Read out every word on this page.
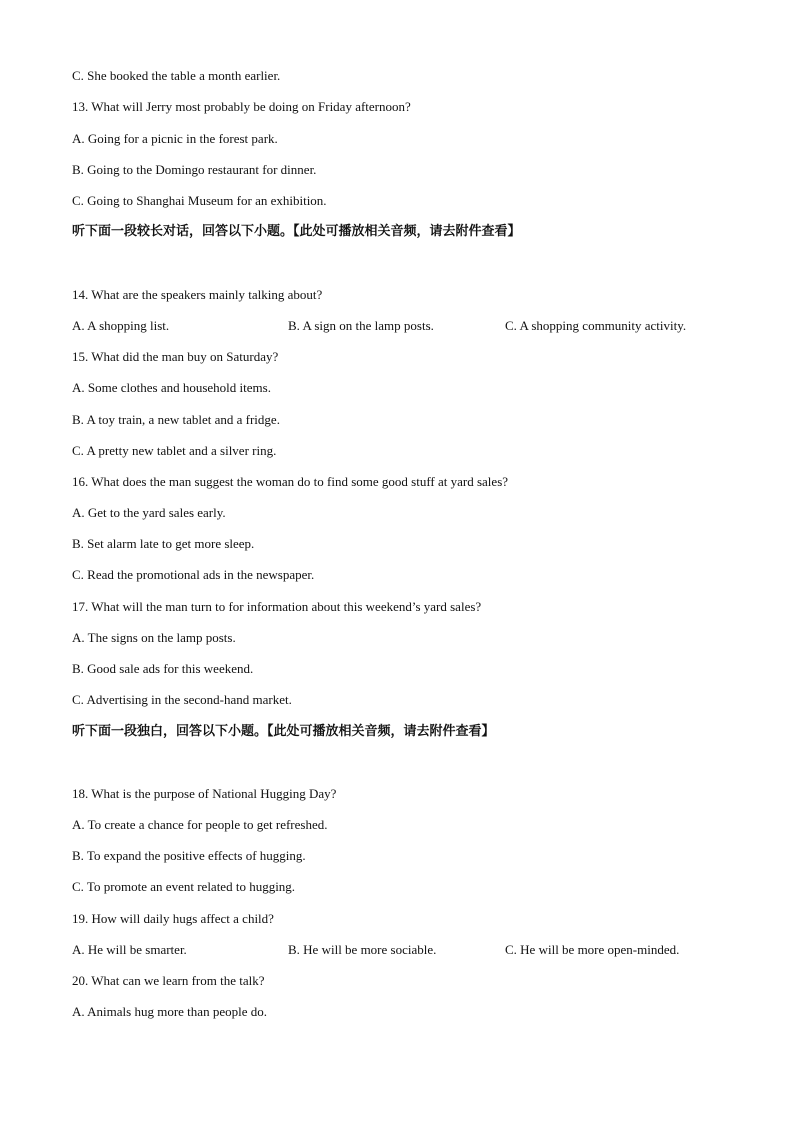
C. She booked the table a month earlier.
13. What will Jerry most probably be doing on Friday afternoon?
A. Going for a picnic in the forest park.
B. Going to the Domingo restaurant for dinner.
C. Going to Shanghai Museum for an exhibition.
听下面一段较长对话，回答以下小题。【此处可播放相关音频，请去附件查看】
14. What are the speakers mainly talking about?
A. A shopping list.	B. A sign on the lamp posts.	C. A shopping community activity.
15. What did the man buy on Saturday?
A. Some clothes and household items.
B. A toy train, a new tablet and a fridge.
C. A pretty new tablet and a silver ring.
16. What does the man suggest the woman do to find some good stuff at yard sales?
A. Get to the yard sales early.
B. Set alarm late to get more sleep.
C. Read the promotional ads in the newspaper.
17. What will the man turn to for information about this weekend’s yard sales?
A. The signs on the lamp posts.
B. Good sale ads for this weekend.
C. Advertising in the second-hand market.
听下面一段独白，回答以下小题。【此处可播放相关音频，请去附件查看】
18. What is the purpose of National Hugging Day?
A. To create a chance for people to get refreshed.
B. To expand the positive effects of hugging.
C. To promote an event related to hugging.
19. How will daily hugs affect a child?
A. He will be smarter.	B. He will be more sociable.	C. He will be more open-minded.
20. What can we learn from the talk?
A. Animals hug more than people do.
